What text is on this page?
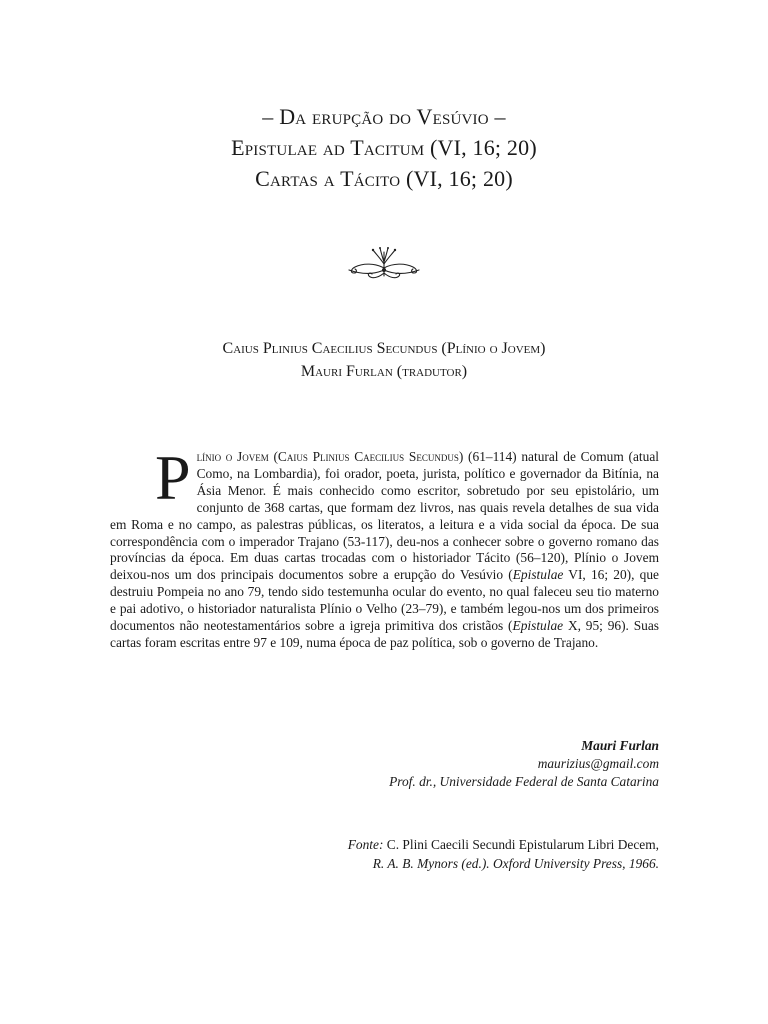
– Da erupção do Vesúvio –
Epistulae ad Tacitum (VI, 16; 20)
Cartas a Tácito (VI, 16; 20)
Caius Plinius Caecilius Secundus (Plínio o Jovem)
Mauri Furlan (tradutor)
Plínio o Jovem (Caius Plinius Caecilius Secundus) (61–114) natural de Comum (atual Como, na Lombardia), foi orador, poeta, jurista, político e governador da Bitínia, na Ásia Menor. É mais conhecido como escritor, sobretudo por seu epistolário, um conjunto de 368 cartas, que formam dez livros, nas quais revela detalhes de sua vida em Roma e no campo, as palestras públicas, os literatos, a leitura e a vida social da época. De sua correspondência com o imperador Trajano (53-117), deu-nos a conhecer sobre o governo romano das províncias da época. Em duas cartas trocadas com o historiador Tácito (56–120), Plínio o Jovem deixou-nos um dos principais documentos sobre a erupção do Vesúvio (Epistulae VI, 16; 20), que destruiu Pompeia no ano 79, tendo sido testemunha ocular do evento, no qual faleceu seu tio materno e pai adotivo, o historiador naturalista Plínio o Velho (23–79), e também legou-nos um dos primeiros documentos não neotestamentários sobre a igreja primitiva dos cristãos (Epistulae X, 95; 96). Suas cartas foram escritas entre 97 e 109, numa época de paz política, sob o governo de Trajano.
Mauri Furlan
maurizius@gmail.com
Prof. dr., Universidade Federal de Santa Catarina
Fonte: C. Plini Caecili Secundi Epistularum Libri Decem,
R. A. B. Mynors (ed.). Oxford University Press, 1966.
